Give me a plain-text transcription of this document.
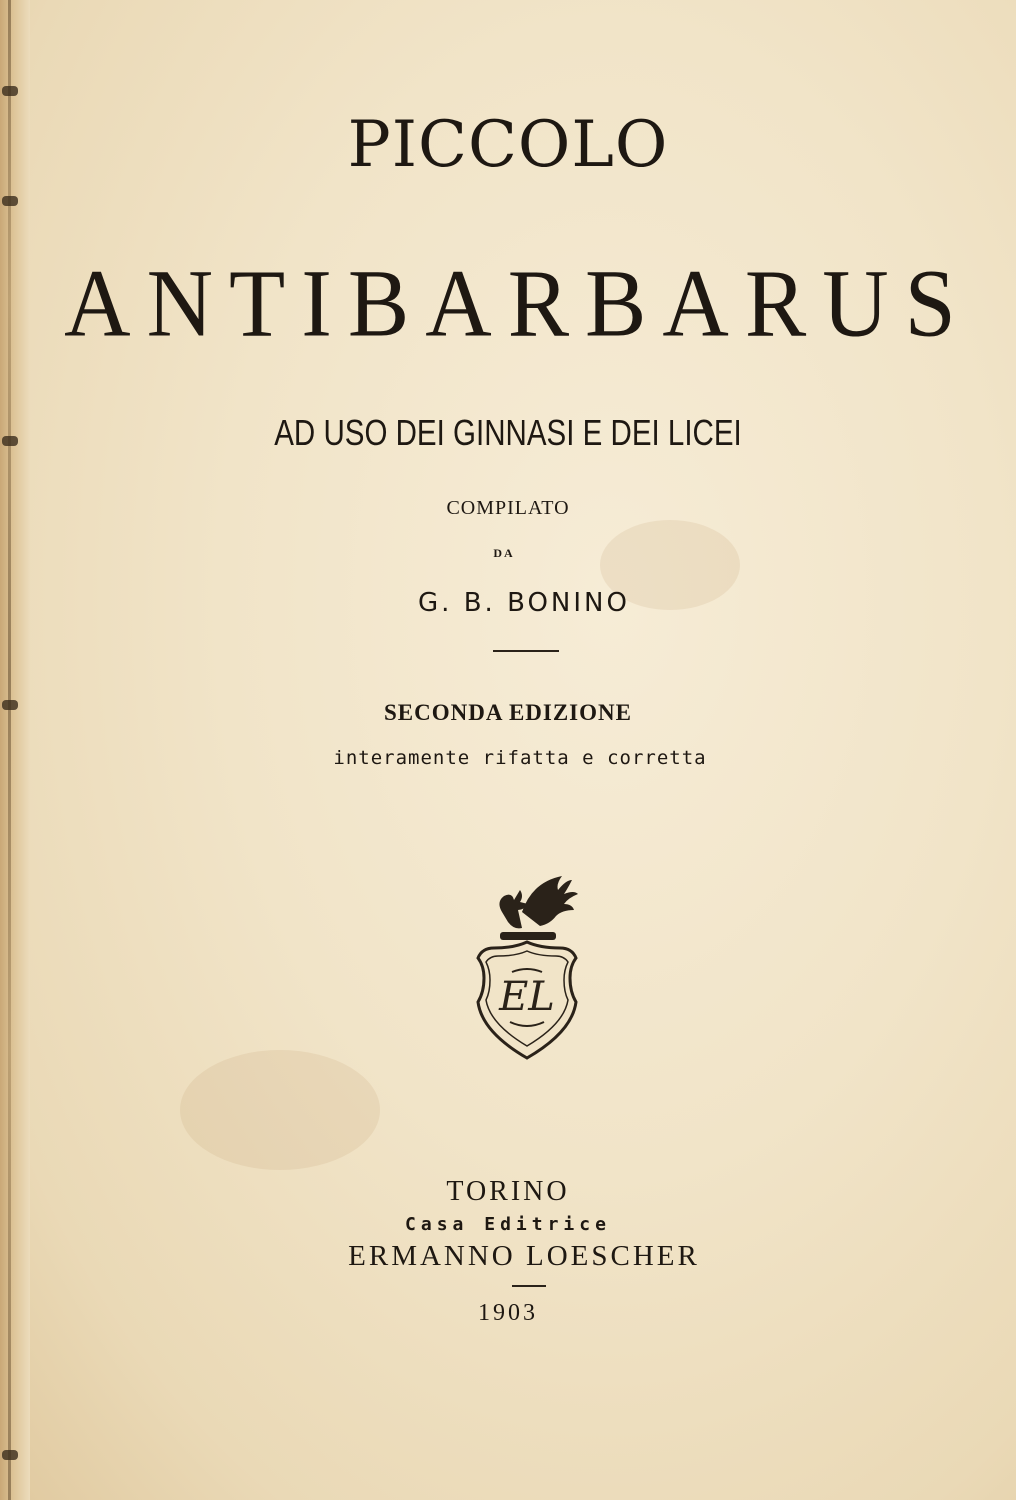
PICCOLO
ANTIBARBARUS
AD USO DEI GINNASI E DEI LICEI
COMPILATO
DA
G. B. BONINO
SECONDA EDIZIONE
interamente rifatta e corretta
EL
TORINO
Casa Editrice
ERMANNO LOESCHER
1903
